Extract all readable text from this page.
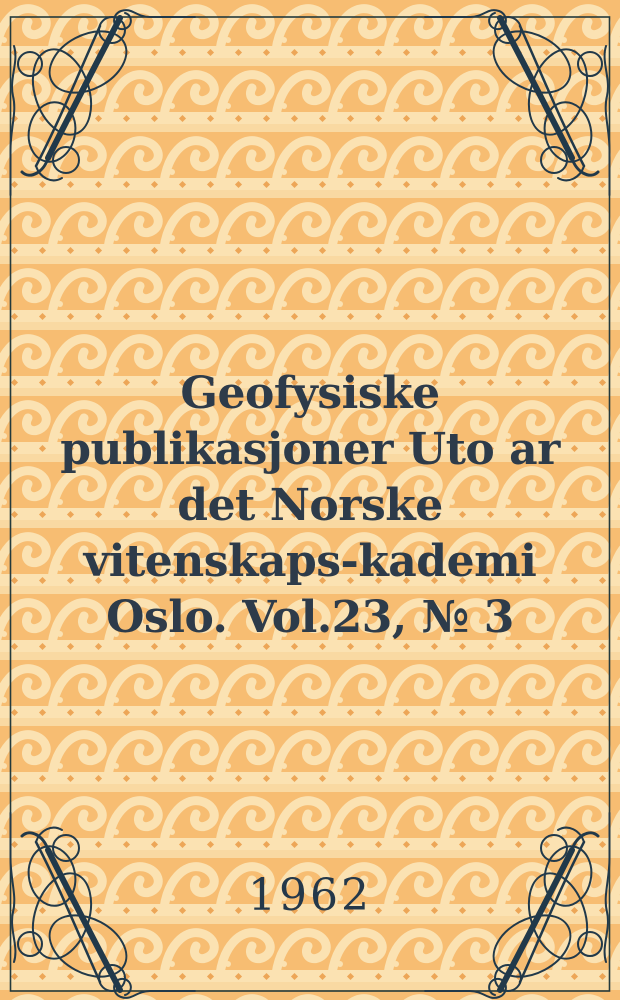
Geofysiske
publikasjoner Uto ar
det Norske
vitenskaps-kademi
Oslo. Vol.23, № 3
1962
